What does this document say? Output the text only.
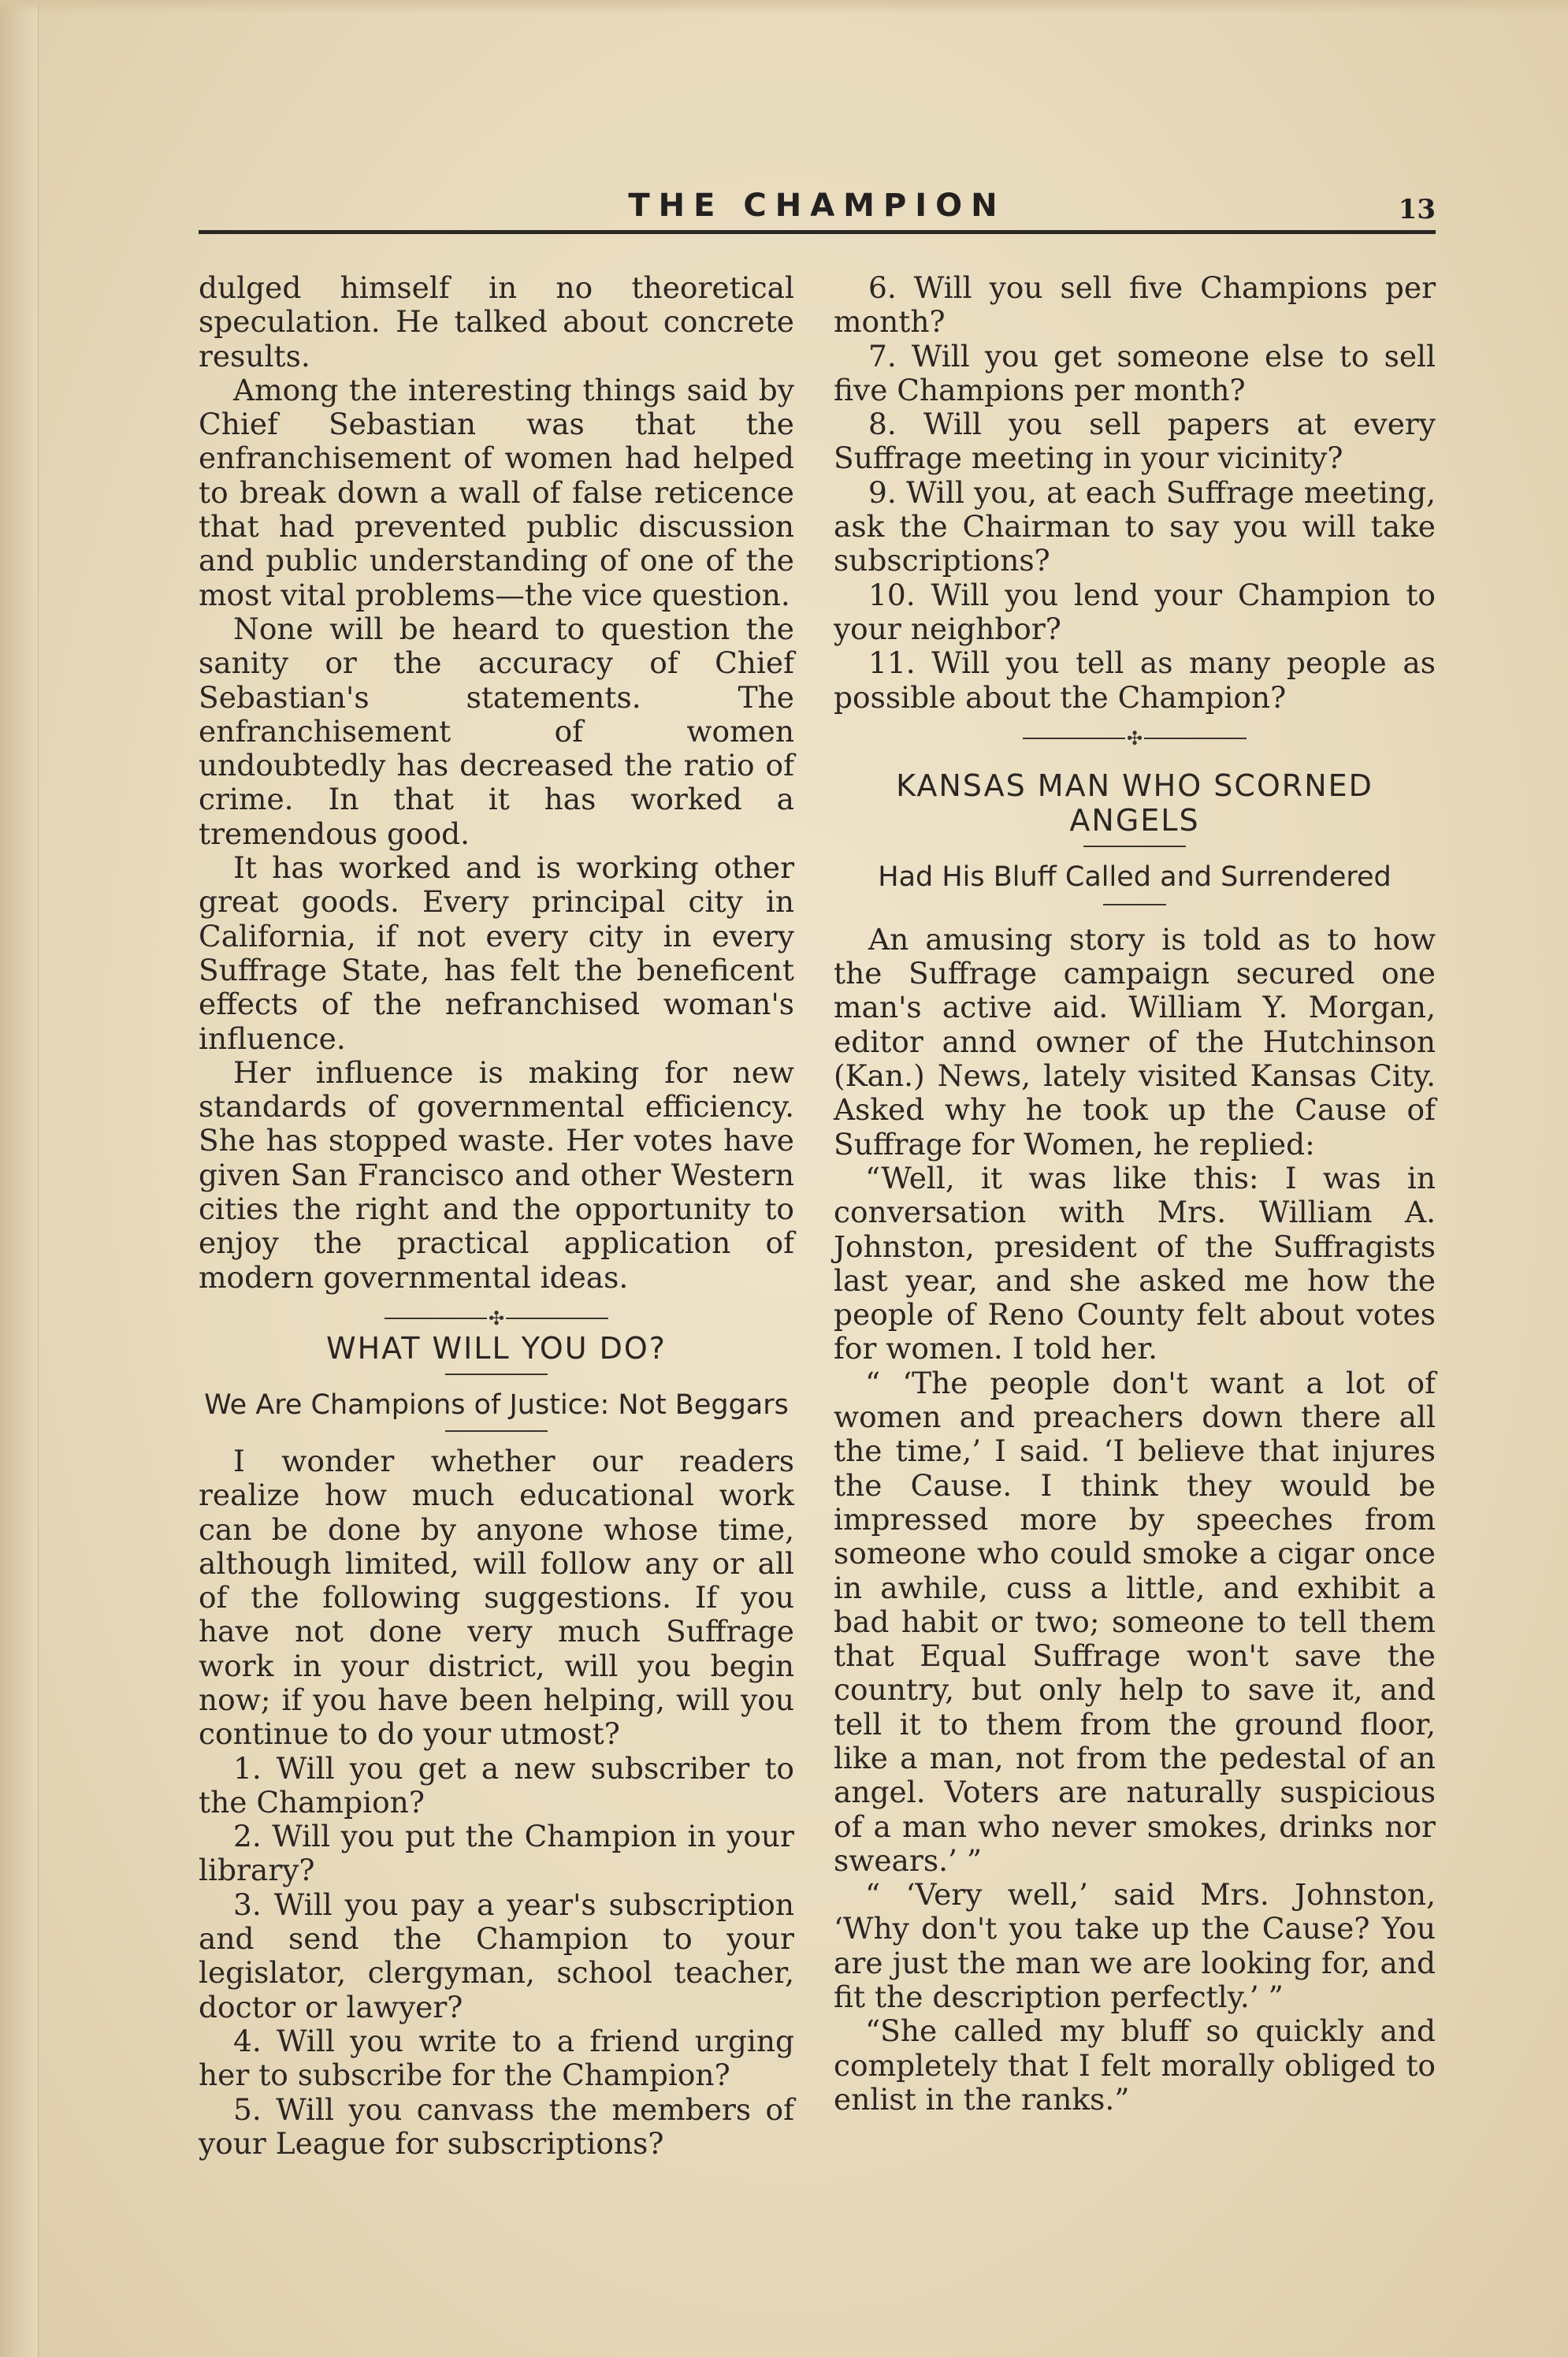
THE CHAMPION	13

dulged himself in no theoretical speculation. He talked about concrete results.

Among the interesting things said by Chief Sebastian was that the enfranchisement of women had helped to break down a wall of false reticence that had prevented public discussion and public understanding of one of the most vital problems—the vice question.

None will be heard to question the sanity or the accuracy of Chief Sebastian's statements. The enfranchisement of women undoubtedly has decreased the ratio of crime. In that it has worked a tremendous good.

It has worked and is working other great goods. Every principal city in California, if not every city in every Suffrage State, has felt the beneficent effects of the nefranchised woman's influence.

Her influence is making for new standards of governmental efficiency. She has stopped waste. Her votes have given San Francisco and other Western cities the right and the opportunity to enjoy the practical application of modern governmental ideas.

✣
WHAT WILL YOU DO?
We Are Champions of Justice: Not Beggars

I wonder whether our readers realize how much educational work can be done by anyone whose time, although limited, will follow any or all of the following suggestions. If you have not done very much Suffrage work in your district, will you begin now; if you have been helping, will you continue to do your utmost?

1. Will you get a new subscriber to the Champion?

2. Will you put the Champion in your library?

3. Will you pay a year's subscription and send the Champion to your legislator, clergyman, school teacher, doctor or lawyer?

4. Will you write to a friend urging her to subscribe for the Champion?

5. Will you canvass the members of your League for subscriptions?

6. Will you sell five Champions per month?

7. Will you get someone else to sell five Champions per month?

8. Will you sell papers at every Suffrage meeting in your vicinity?

9. Will you, at each Suffrage meeting, ask the Chairman to say you will take subscriptions?

10. Will you lend your Champion to your neighbor?

11. Will you tell as many people as possible about the Champion?

✣
KANSAS MAN WHO SCORNED ANGELS
Had His Bluff Called and Surrendered

An amusing story is told as to how the Suffrage campaign secured one man's active aid. William Y. Morgan, editor annd owner of the Hutchinson (Kan.) News, lately visited Kansas City. Asked why he took up the Cause of Suffrage for Women, he replied:

“Well, it was like this: I was in conversation with Mrs. William A. Johnston, president of the Suffragists last year, and she asked me how the people of Reno County felt about votes for women. I told her.

“ ‘The people don't want a lot of women and preachers down there all the time,’ I said. ‘I believe that injures the Cause. I think they would be impressed more by speeches from someone who could smoke a cigar once in awhile, cuss a little, and exhibit a bad habit or two; someone to tell them that Equal Suffrage won't save the country, but only help to save it, and tell it to them from the ground floor, like a man, not from the pedestal of an angel. Voters are naturally suspicious of a man who never smokes, drinks nor swears.’ ”

“ ‘Very well,’ said Mrs. Johnston, ‘Why don't you take up the Cause? You are just the man we are looking for, and fit the description perfectly.’ ”

“She called my bluff so quickly and completely that I felt morally obliged to enlist in the ranks.”
